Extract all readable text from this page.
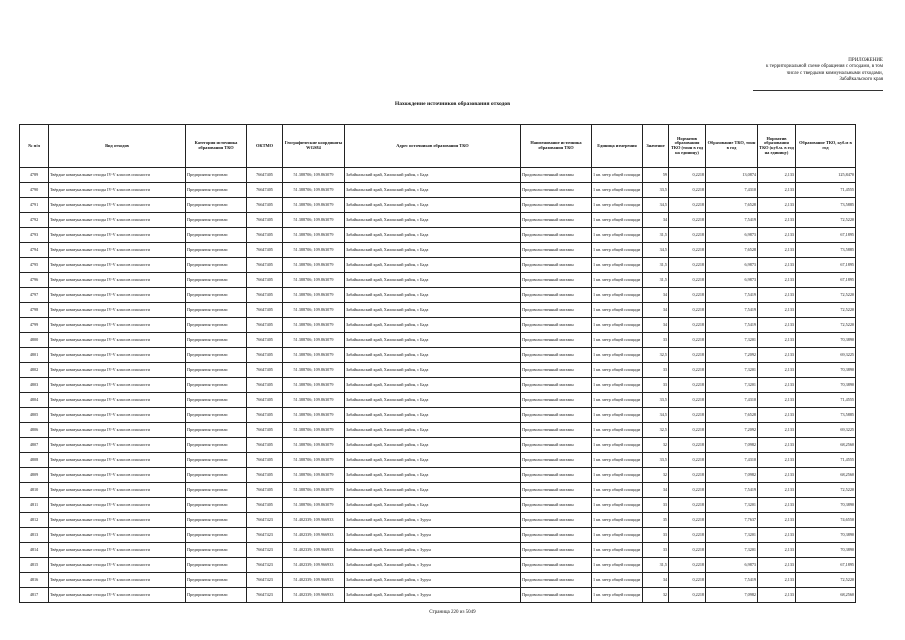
ПРИЛОЖЕНИЕ
к территориальной схеме обращения с отходами, в том
числе с твердыми коммунальными отходами,
Забайкальского края
Нахождение источников образования отходов
№ п/п	Вид отходов	Категория источника образования ТКО	ОКТМО	Географические координаты WGS84	Адрес источников образования ТКО	Наименование источника образования ТКО	Единица измерения	Значение	Норматив образования ТКО (тонн в год на единицу)	Образование ТКО, тонн в год	Норматив образования ТКО (куб.м. в год на единицу)	Образование ТКО, куб.м в год
4789	Твёрдые коммунальные отходы IV-V классов опасности	Предприятия торговли	76647405	51.388706; 109.863079	Забайкальский край, Хилокский район, с Бада	Продовольственный магазин	1 кв. метр общей площади	59	0,2218	13,0874	2,133	125,8470
4790	Твёрдые коммунальные отходы IV-V классов опасности	Предприятия торговли	76647405	51.388706; 109.863079	Забайкальский край, Хилокский район, с Бада	Продовольственный магазин	1 кв. метр общей площади	33,5	0,2218	7,4310	2,133	71,4555
4791	Твёрдые коммунальные отходы IV-V классов опасности	Предприятия торговли	76647405	51.388706; 109.863079	Забайкальский край, Хилокский район, с Бада	Продовольственный магазин	1 кв. метр общей площади	34,5	0,2218	7,6528	2,133	73,5885
4792	Твёрдые коммунальные отходы IV-V классов опасности	Предприятия торговли	76647405	51.388706; 109.863079	Забайкальский край, Хилокский район, с Бада	Продовольственный магазин	1 кв. метр общей площади	34	0,2218	7,5419	2,133	72,5220
4793	Твёрдые коммунальные отходы IV-V классов опасности	Предприятия торговли	76647405	51.388706; 109.863079	Забайкальский край, Хилокский район, с Бада	Продовольственный магазин	1 кв. метр общей площади	31,5	0,2218	6,9873	2,133	67,1895
4794	Твёрдые коммунальные отходы IV-V классов опасности	Предприятия торговли	76647405	51.388706; 109.863079	Забайкальский край, Хилокский район, с Бада	Продовольственный магазин	1 кв. метр общей площади	34,5	0,2218	7,6528	2,133	73,5885
4795	Твёрдые коммунальные отходы IV-V классов опасности	Предприятия торговли	76647405	51.388706; 109.863079	Забайкальский край, Хилокский район, с Бада	Продовольственный магазин	1 кв. метр общей площади	31,5	0,2218	6,9873	2,133	67,1895
4796	Твёрдые коммунальные отходы IV-V классов опасности	Предприятия торговли	76647405	51.388706; 109.863079	Забайкальский край, Хилокский район, с Бада	Продовольственный магазин	1 кв. метр общей площади	31,5	0,2218	6,9873	2,133	67,1895
4797	Твёрдые коммунальные отходы IV-V классов опасности	Предприятия торговли	76647405	51.388706; 109.863079	Забайкальский край, Хилокский район, с Бада	Продовольственный магазин	1 кв. метр общей площади	34	0,2218	7,5419	2,133	72,5220
4798	Твёрдые коммунальные отходы IV-V классов опасности	Предприятия торговли	76647405	51.388706; 109.863079	Забайкальский край, Хилокский район, с Бада	Продовольственный магазин	1 кв. метр общей площади	34	0,2218	7,5419	2,133	72,5220
4799	Твёрдые коммунальные отходы IV-V классов опасности	Предприятия торговли	76647405	51.388706; 109.863079	Забайкальский край, Хилокский район, с Бада	Продовольственный магазин	1 кв. метр общей площади	34	0,2218	7,5419	2,133	72,5220
4800	Твёрдые коммунальные отходы IV-V классов опасности	Предприятия торговли	76647405	51.388706; 109.863079	Забайкальский край, Хилокский район, с Бада	Продовольственный магазин	1 кв. метр общей площади	33	0,2218	7,3201	2,133	70,3890
4801	Твёрдые коммунальные отходы IV-V классов опасности	Предприятия торговли	76647405	51.388706; 109.863079	Забайкальский край, Хилокский район, с Бада	Продовольственный магазин	1 кв. метр общей площади	32,5	0,2218	7,2092	2,133	69,3225
4802	Твёрдые коммунальные отходы IV-V классов опасности	Предприятия торговли	76647405	51.388706; 109.863079	Забайкальский край, Хилокский район, с Бада	Продовольственный магазин	1 кв. метр общей площади	33	0,2218	7,3201	2,133	70,3890
4803	Твёрдые коммунальные отходы IV-V классов опасности	Предприятия торговли	76647405	51.388706; 109.863079	Забайкальский край, Хилокский район, с Бада	Продовольственный магазин	1 кв. метр общей площади	33	0,2218	7,3201	2,133	70,3890
4804	Твёрдые коммунальные отходы IV-V классов опасности	Предприятия торговли	76647405	51.388706; 109.863079	Забайкальский край, Хилокский район, с Бада	Продовольственный магазин	1 кв. метр общей площади	33,5	0,2218	7,4310	2,133	71,4555
4805	Твёрдые коммунальные отходы IV-V классов опасности	Предприятия торговли	76647405	51.388706; 109.863079	Забайкальский край, Хилокский район, с Бада	Продовольственный магазин	1 кв. метр общей площади	34,5	0,2218	7,6528	2,133	73,5885
4806	Твёрдые коммунальные отходы IV-V классов опасности	Предприятия торговли	76647405	51.388706; 109.863079	Забайкальский край, Хилокский район, с Бада	Продовольственный магазин	1 кв. метр общей площади	32,5	0,2218	7,2092	2,133	69,3225
4807	Твёрдые коммунальные отходы IV-V классов опасности	Предприятия торговли	76647405	51.388706; 109.863079	Забайкальский край, Хилокский район, с Бада	Продовольственный магазин	1 кв. метр общей площади	32	0,2218	7,0982	2,133	68,2560
4808	Твёрдые коммунальные отходы IV-V классов опасности	Предприятия торговли	76647405	51.388706; 109.863079	Забайкальский край, Хилокский район, с Бада	Продовольственный магазин	1 кв. метр общей площади	33,5	0,2218	7,4310	2,133	71,4555
4809	Твёрдые коммунальные отходы IV-V классов опасности	Предприятия торговли	76647405	51.388706; 109.863079	Забайкальский край, Хилокский район, с Бада	Продовольственный магазин	1 кв. метр общей площади	32	0,2218	7,0982	2,133	68,2560
4810	Твёрдые коммунальные отходы IV-V классов опасности	Предприятия торговли	76647405	51.388706; 109.863079	Забайкальский край, Хилокский район, с Бада	Продовольственный магазин	1 кв. метр общей площади	34	0,2218	7,5419	2,133	72,5220
4811	Твёрдые коммунальные отходы IV-V классов опасности	Предприятия торговли	76647405	51.388706; 109.863079	Забайкальский край, Хилокский район, с Бада	Продовольственный магазин	1 кв. метр общей площади	33	0,2218	7,3201	2,133	70,3890
4812	Твёрдые коммунальные отходы IV-V классов опасности	Предприятия торговли	76647423	51.402339; 109.966933	Забайкальский край, Хилокский район, с Зурун	Продовольственный магазин	1 кв. метр общей площади	35	0,2218	7,7637	2,133	74,6550
4813	Твёрдые коммунальные отходы IV-V классов опасности	Предприятия торговли	76647423	51.402339; 109.966933	Забайкальский край, Хилокский район, с Зурун	Продовольственный магазин	1 кв. метр общей площади	33	0,2218	7,3201	2,133	70,3890
4814	Твёрдые коммунальные отходы IV-V классов опасности	Предприятия торговли	76647423	51.402339; 109.966933	Забайкальский край, Хилокский район, с Зурун	Продовольственный магазин	1 кв. метр общей площади	33	0,2218	7,3201	2,133	70,3890
4815	Твёрдые коммунальные отходы IV-V классов опасности	Предприятия торговли	76647423	51.402339; 109.966933	Забайкальский край, Хилокский район, с Зурун	Продовольственный магазин	1 кв. метр общей площади	31,5	0,2218	6,9873	2,133	67,1895
4816	Твёрдые коммунальные отходы IV-V классов опасности	Предприятия торговли	76647423	51.402339; 109.966933	Забайкальский край, Хилокский район, с Зурун	Продовольственный магазин	1 кв. метр общей площади	34	0,2218	7,5419	2,133	72,5220
4817	Твёрдые коммунальные отходы IV-V классов опасности	Предприятия торговли	76647423	51.402339; 109.966933	Забайкальский край, Хилокский район, с Зурун	Продовольственный магазин	1 кв. метр общей площади	32	0,2218	7,0982	2,133	68,2560
Страница 220 из 5049
